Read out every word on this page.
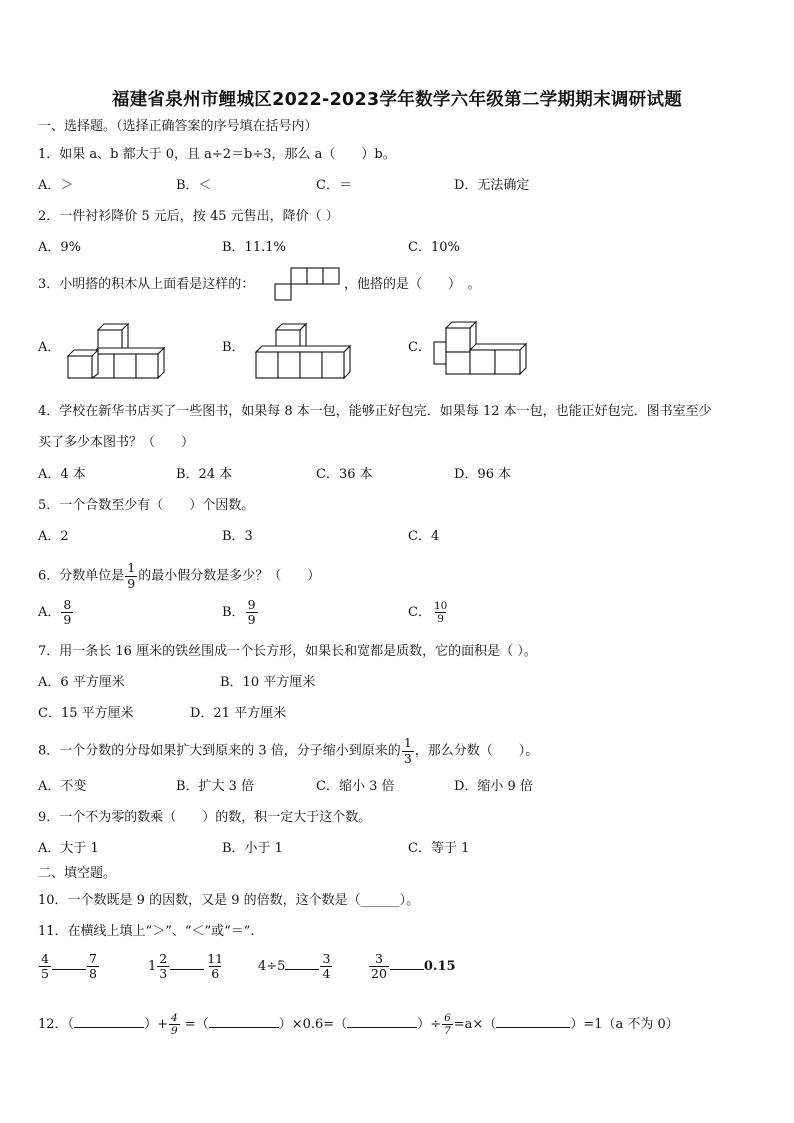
福建省泉州市鲤城区2022-2023学年数学六年级第二学期期末调研试题
一、选择题。（选择正确答案的序号填在括号内）
1．如果 a、b 都大于 0，且 a÷2＝b÷3，那么 a（　　）b。
A．＞	B．＜	C．＝	D．无法确定
2．一件衬衫降价 5 元后，按 45 元售出，降价（ ）
A．9%	B．11.1%	C．10%
3．小明搭的积木从上面看是这样的：	，他搭的是（　　）　。
A．	B．	C．
4．学校在新华书店买了一些图书，如果每 8 本一包，能够正好包完．如果每 12 本一包，也能正好包完．图书室至少
买了多少本图书？（　　）
A．4 本	B．24 本	C．36 本	D．96 本
5．一个合数至少有（　　）个因数。
A．2	B．3	C．4
6．分数单位是 $\frac{1}{9}$ 的最小假分数是多少？（　　）
A． $\frac{8}{9}$	B． $\frac{9}{9}$	C． $\frac{10}{9}$
7．用一条长 16 厘米的铁丝围成一个长方形，如果长和宽都是质数，它的面积是（ ）。
A．6 平方厘米	B．10 平方厘米
C．15 平方厘米	D．21 平方厘米
8．一个分数的分母如果扩大到原来的 3 倍，分子缩小到原来的 $\frac{1}{3}$ ，那么分数（　　）。
A．不变	B．扩大 3 倍	C．缩小 3 倍	D．缩小 9 倍
9．一个不为零的数乘（　　）的数，积一定大于这个数。
A．大于 1	B．小于 1	C．等于 1
二、填空题。
10．一个数既是 9 的因数，又是 9 的倍数，这个数是（______）。
11．在横线上填上“＞”、“＜”或“＝”.
$\frac{4}{5}$	$\frac{7}{8}$	$1 \frac{2}{3}$	$\frac{11}{6}$	4÷5	$\frac{3}{4}$	$\frac{3}{20}$	0.15
12．（	）+ $\frac{4}{9}$ =（	）×0.6=（	）÷ $\frac{6}{7} =a\times$（	）=1（a 不为 0）
